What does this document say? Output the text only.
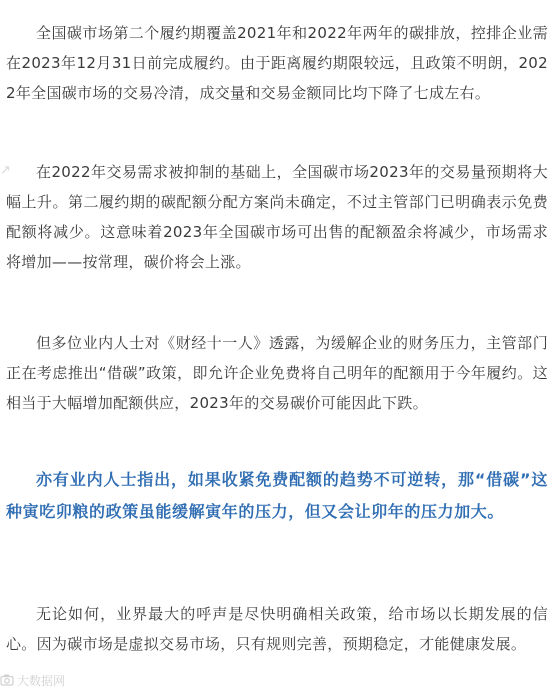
↗

全国碳市场第二个履约期覆盖2021年和2022年两年的碳排放，控排企业需在2023年12月31日前完成履约。由于距离履约期限较远，且政策不明朗，2022年全国碳市场的交易冷清，成交量和交易金额同比均下降了七成左右。

在2022年交易需求被抑制的基础上，全国碳市场2023年的交易量预期将大幅上升。第二履约期的碳配额分配方案尚未确定，不过主管部门已明确表示免费配额将减少。这意味着2023年全国碳市场可出售的配额盈余将减少，市场需求将增加——按常理，碳价将会上涨。

但多位业内人士对《财经十一人》透露，为缓解企业的财务压力，主管部门正在考虑推出“借碳”政策，即允许企业免费将自己明年的配额用于今年履约。这相当于大幅增加配额供应，2023年的交易碳价可能因此下跌。

亦有业内人士指出，如果收紧免费配额的趋势不可逆转，那“借碳”这种寅吃卯粮的政策虽能缓解寅年的压力，但又会让卯年的压力加大。

无论如何，业界最大的呼声是尽快明确相关政策，给市场以长期发展的信心。因为碳市场是虚拟交易市场，只有规则完善，预期稳定，才能健康发展。

大数据网
